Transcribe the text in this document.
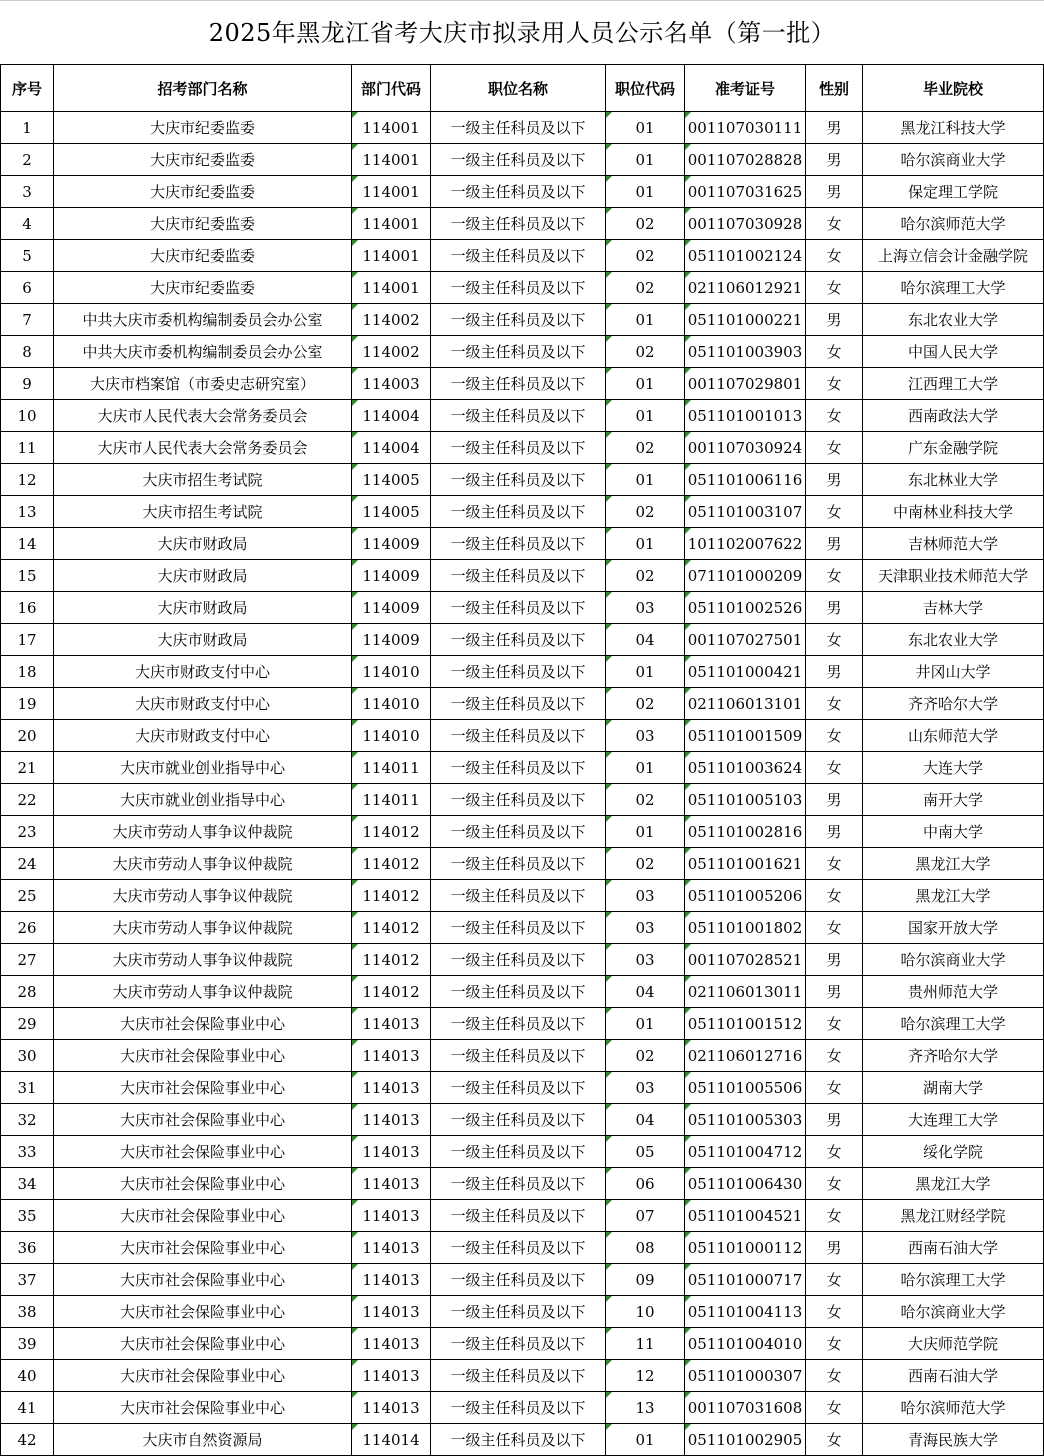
2025年黑龙江省考大庆市拟录用人员公示名单（第一批）
序号	招考部门名称	部门代码	职位名称	职位代码	准考证号	性别	毕业院校
1	大庆市纪委监委	114001	一级主任科员及以下	01	001107030111	男	黑龙江科技大学
2	大庆市纪委监委	114001	一级主任科员及以下	01	001107028828	男	哈尔滨商业大学
3	大庆市纪委监委	114001	一级主任科员及以下	01	001107031625	男	保定理工学院
4	大庆市纪委监委	114001	一级主任科员及以下	02	001107030928	女	哈尔滨师范大学
5	大庆市纪委监委	114001	一级主任科员及以下	02	051101002124	女	上海立信会计金融学院
6	大庆市纪委监委	114001	一级主任科员及以下	02	021106012921	女	哈尔滨理工大学
7	中共大庆市委机构编制委员会办公室	114002	一级主任科员及以下	01	051101000221	男	东北农业大学
8	中共大庆市委机构编制委员会办公室	114002	一级主任科员及以下	02	051101003903	女	中国人民大学
9	大庆市档案馆（市委史志研究室）	114003	一级主任科员及以下	01	001107029801	女	江西理工大学
10	大庆市人民代表大会常务委员会	114004	一级主任科员及以下	01	051101001013	女	西南政法大学
11	大庆市人民代表大会常务委员会	114004	一级主任科员及以下	02	001107030924	女	广东金融学院
12	大庆市招生考试院	114005	一级主任科员及以下	01	051101006116	男	东北林业大学
13	大庆市招生考试院	114005	一级主任科员及以下	02	051101003107	女	中南林业科技大学
14	大庆市财政局	114009	一级主任科员及以下	01	101102007622	男	吉林师范大学
15	大庆市财政局	114009	一级主任科员及以下	02	071101000209	女	天津职业技术师范大学
16	大庆市财政局	114009	一级主任科员及以下	03	051101002526	男	吉林大学
17	大庆市财政局	114009	一级主任科员及以下	04	001107027501	女	东北农业大学
18	大庆市财政支付中心	114010	一级主任科员及以下	01	051101000421	男	井冈山大学
19	大庆市财政支付中心	114010	一级主任科员及以下	02	021106013101	女	齐齐哈尔大学
20	大庆市财政支付中心	114010	一级主任科员及以下	03	051101001509	女	山东师范大学
21	大庆市就业创业指导中心	114011	一级主任科员及以下	01	051101003624	女	大连大学
22	大庆市就业创业指导中心	114011	一级主任科员及以下	02	051101005103	男	南开大学
23	大庆市劳动人事争议仲裁院	114012	一级主任科员及以下	01	051101002816	男	中南大学
24	大庆市劳动人事争议仲裁院	114012	一级主任科员及以下	02	051101001621	女	黑龙江大学
25	大庆市劳动人事争议仲裁院	114012	一级主任科员及以下	03	051101005206	女	黑龙江大学
26	大庆市劳动人事争议仲裁院	114012	一级主任科员及以下	03	051101001802	女	国家开放大学
27	大庆市劳动人事争议仲裁院	114012	一级主任科员及以下	03	001107028521	男	哈尔滨商业大学
28	大庆市劳动人事争议仲裁院	114012	一级主任科员及以下	04	021106013011	男	贵州师范大学
29	大庆市社会保险事业中心	114013	一级主任科员及以下	01	051101001512	女	哈尔滨理工大学
30	大庆市社会保险事业中心	114013	一级主任科员及以下	02	021106012716	女	齐齐哈尔大学
31	大庆市社会保险事业中心	114013	一级主任科员及以下	03	051101005506	女	湖南大学
32	大庆市社会保险事业中心	114013	一级主任科员及以下	04	051101005303	男	大连理工大学
33	大庆市社会保险事业中心	114013	一级主任科员及以下	05	051101004712	女	绥化学院
34	大庆市社会保险事业中心	114013	一级主任科员及以下	06	051101006430	女	黑龙江大学
35	大庆市社会保险事业中心	114013	一级主任科员及以下	07	051101004521	女	黑龙江财经学院
36	大庆市社会保险事业中心	114013	一级主任科员及以下	08	051101000112	男	西南石油大学
37	大庆市社会保险事业中心	114013	一级主任科员及以下	09	051101000717	女	哈尔滨理工大学
38	大庆市社会保险事业中心	114013	一级主任科员及以下	10	051101004113	女	哈尔滨商业大学
39	大庆市社会保险事业中心	114013	一级主任科员及以下	11	051101004010	女	大庆师范学院
40	大庆市社会保险事业中心	114013	一级主任科员及以下	12	051101000307	女	西南石油大学
41	大庆市社会保险事业中心	114013	一级主任科员及以下	13	001107031608	女	哈尔滨师范大学
42	大庆市自然资源局	114014	一级主任科员及以下	01	051101002905	女	青海民族大学
